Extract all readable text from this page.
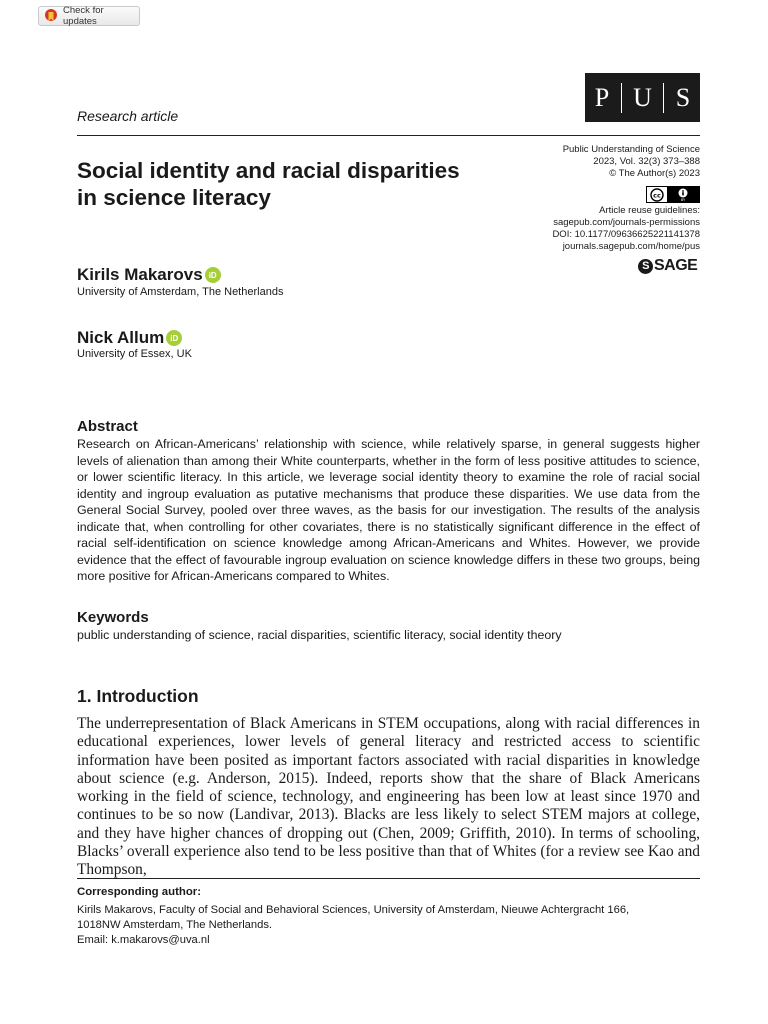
Check for updates
P U S
Research article
Social identity and racial disparities in science literacy
Public Understanding of Science
2023, Vol. 32(3) 373–388
© The Author(s) 2023
cc
BY
Article reuse guidelines:
sagepub.com/journals-permissions
DOI: 10.1177/09636625221141378
journals.sagepub.com/home/pus
S SAGE
Kirils Makarovs iD
University of Amsterdam, The Netherlands
Nick Allum iD
University of Essex, UK
Abstract
Research on African-Americans’ relationship with science, while relatively sparse, in general suggests higher levels of alienation than among their White counterparts, whether in the form of less positive attitudes to science, or lower scientific literacy. In this article, we leverage social identity theory to examine the role of racial social identity and ingroup evaluation as putative mechanisms that produce these disparities. We use data from the General Social Survey, pooled over three waves, as the basis for our investigation. The results of the analysis indicate that, when controlling for other covariates, there is no statistically significant difference in the effect of racial self-identification on science knowledge among African-Americans and Whites. However, we provide evidence that the effect of favourable ingroup evaluation on science knowledge differs in these two groups, being more positive for African-Americans compared to Whites.
Keywords
public understanding of science, racial disparities, scientific literacy, social identity theory
1. Introduction
The underrepresentation of Black Americans in STEM occupations, along with racial differences in educational experiences, lower levels of general literacy and restricted access to scientific information have been posited as important factors associated with racial disparities in knowledge about science (e.g. Anderson, 2015). Indeed, reports show that the share of Black Americans working in the field of science, technology, and engineering has been low at least since 1970 and continues to be so now (Landivar, 2013). Blacks are less likely to select STEM majors at college, and they have higher chances of dropping out (Chen, 2009; Griffith, 2010). In terms of schooling, Blacks’ overall experience also tend to be less positive than that of Whites (for a review see Kao and Thompson,
Corresponding author:
Kirils Makarovs, Faculty of Social and Behavioral Sciences, University of Amsterdam, Nieuwe Achtergracht 166,
1018NW Amsterdam, The Netherlands.
Email: k.makarovs@uva.nl
